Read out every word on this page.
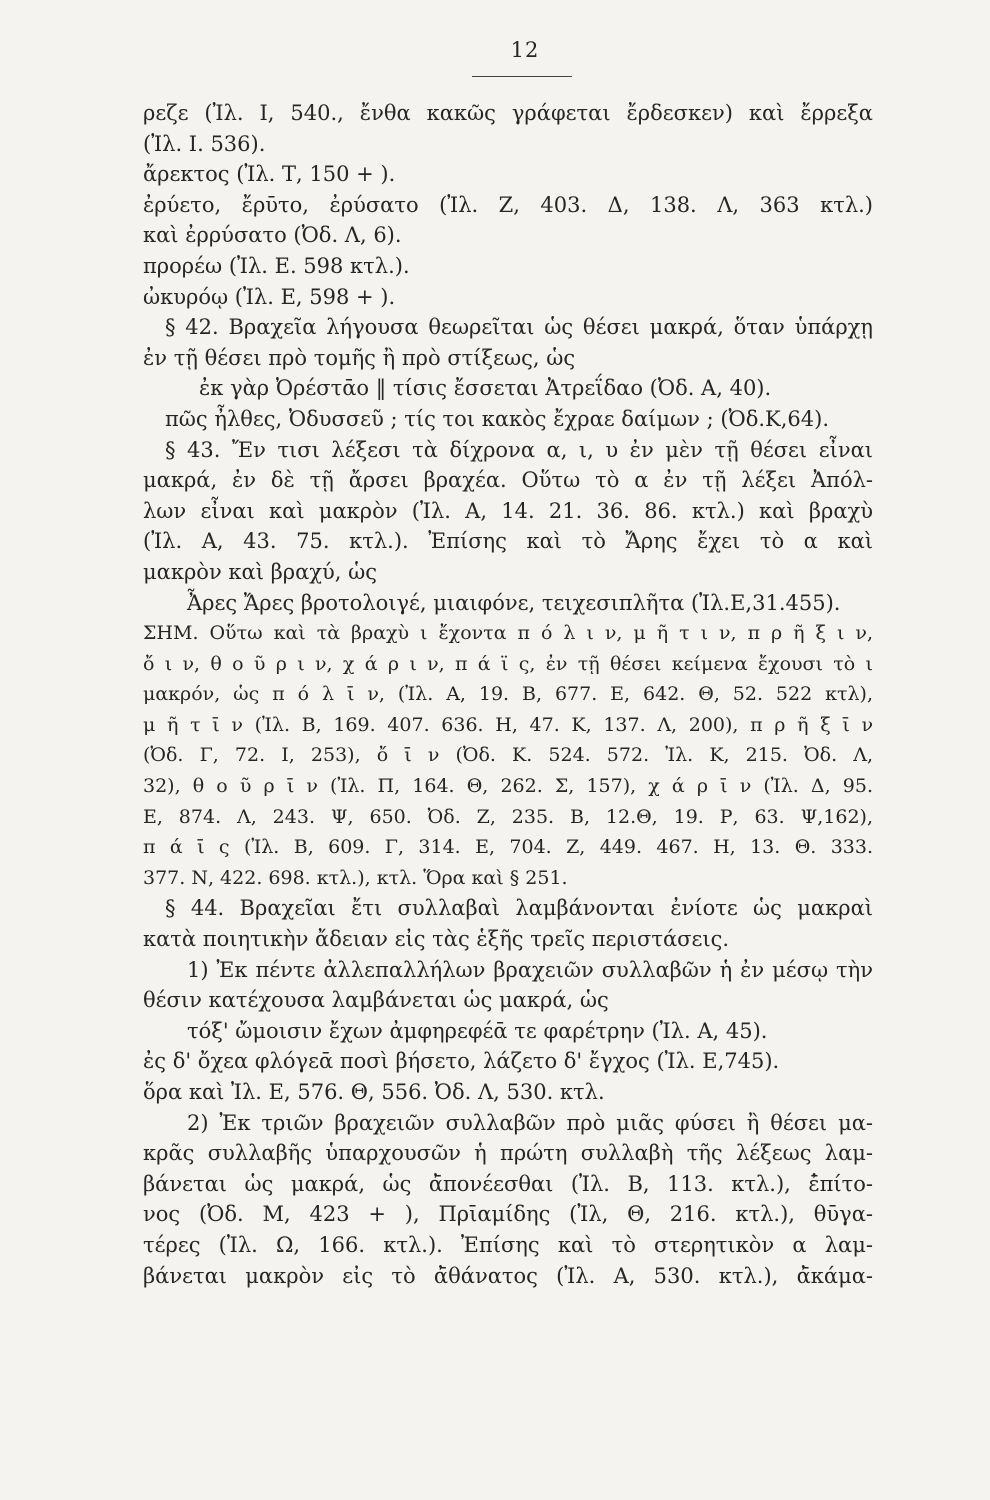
12
ρεζε (Ἰλ. Ι, 540., ἔνθα κακῶς γράφεται ἔρδεσκεν) καὶ ἔρρεξα
(Ἰλ. Ι. 536).
ἄρεκτος (Ἰλ. Τ, 150 + ).
ἐρύετο, ἔρῡτο, ἐρύσατο (Ἰλ. Ζ, 403. Δ, 138. Λ, 363 κτλ.)
καὶ ἐρρύσατο (Ὀδ. Λ, 6).
προρέω (Ἰλ. Ε. 598 κτλ.).
ὠκυρόῳ (Ἰλ. Ε, 598 + ).
§ 42. Βραχεῖα λήγουσα θεωρεῖται ὡς θέσει μακρά, ὅταν ὑπάρχῃ
ἐν τῇ θέσει πρὸ τομῆς ἢ πρὸ στίξεως, ὡς
ἐκ γὰρ Ὀρέστᾱο ‖ τίσις ἔσσεται Ἀτρεΐδαο (Ὀδ. Α, 40).
πῶς ἦλθες, Ὀδυσσεῦ ; τίς τοι κακὸς ἔχραε δαίμων ; (Ὀδ.Κ,64).
§ 43. Ἔν τισι λέξεσι τὰ δίχρονα α, ι, υ ἐν μὲν τῇ θέσει εἶναι
μακρά, ἐν δὲ τῇ ἄρσει βραχέα. Οὕτω τὸ α ἐν τῇ λέξει Ἀπόλ-
λων εἶναι καὶ μακρὸν (Ἰλ. Α, 14. 21. 36. 86. κτλ.) καὶ βραχὺ
(Ἰλ. Α, 43. 75. κτλ.). Ἐπίσης καὶ τὸ Ἄρης ἔχει τὸ α καὶ
μακρὸν καὶ βραχύ, ὡς
Ἆρες Ἄρες βροτολοιγέ, μιαιφόνε, τειχεσιπλῆτα (Ἰλ.Ε,31.455).
ΣΗΜ. Οὕτω καὶ τὰ βραχὺ ι ἔχοντα π ό λ ι ν, μ ῆ τ ι ν, π ρ ῆ ξ ι ν,
ὄ ι ν, θ ο ῦ ρ ι ν, χ ά ρ ι ν, π ά ϊ ς, ἐν τῇ θέσει κείμενα ἔχουσι τὸ ι
μακρόν, ὡς π ό λ ῑ ν, (Ἰλ. Α, 19. Β, 677. Ε, 642. Θ, 52. 522 κτλ),
μ ῆ τ ῑ ν (Ἰλ. Β, 169. 407. 636. Η, 47. Κ, 137. Λ, 200), π ρ ῆ ξ ῑ ν
(Ὀδ. Γ, 72. Ι, 253), ὄ ῑ ν (Ὀδ. Κ. 524. 572. Ἰλ. Κ, 215. Ὀδ. Λ,
32), θ ο ῦ ρ ῑ ν (Ἰλ. Π, 164. Θ, 262. Σ, 157), χ ά ρ ῑ ν (Ἰλ. Δ, 95.
Ε, 874. Λ, 243. Ψ, 650. Ὀδ. Ζ, 235. Β, 12.Θ, 19. Ρ, 63. Ψ,162),
π ά ῑ ς (Ἰλ. Β, 609. Γ, 314. Ε, 704. Ζ, 449. 467. Η, 13. Θ. 333.
377. Ν, 422. 698. κτλ.), κτλ. Ὅρα καὶ § 251.
§ 44. Βραχεῖαι ἔτι συλλαβαὶ λαμβάνονται ἐνίοτε ὡς μακραὶ
κατὰ ποιητικὴν ἄδειαν εἰς τὰς ἑξῆς τρεῖς περιστάσεις.
1) Ἐκ πέντε ἀλλεπαλλήλων βραχειῶν συλλαβῶν ἡ ἐν μέσῳ τὴν
θέσιν κατέχουσα λαμβάνεται ὡς μακρά, ὡς
τόξ' ὤμοισιν ἔχων ἀμφηρεφέᾱ τε φαρέτρην (Ἰλ. Α, 45).
ἐς δ' ὄχεα φλόγεᾱ ποσὶ βήσετο, λάζετο δ' ἔγχος (Ἰλ. Ε,745).
ὅρα καὶ Ἰλ. Ε, 576. Θ, 556. Ὀδ. Λ, 530. κτλ.
2) Ἐκ τριῶν βραχειῶν συλλαβῶν πρὸ μιᾶς φύσει ἢ θέσει μα-
κρᾶς συλλαβῆς ὑπαρχουσῶν ἡ πρώτη συλλαβὴ τῆς λέξεως λαμ-
βάνεται ὡς μακρά, ὡς ἀ̄πονέεσθαι (Ἰλ. Β, 113. κτλ.), ἐ̄πίτο-
νος (Ὀδ. Μ, 423 + ), Πρῑαμίδης (Ἰλ, Θ, 216. κτλ.), θῡγα-
τέρες (Ἰλ. Ω, 166. κτλ.). Ἐπίσης καὶ τὸ στερητικὸν α λαμ-
βάνεται μακρὸν εἰς τὸ ἀ̄θάνατος (Ἰλ. Α, 530. κτλ.), ἀ̄κάμα-
